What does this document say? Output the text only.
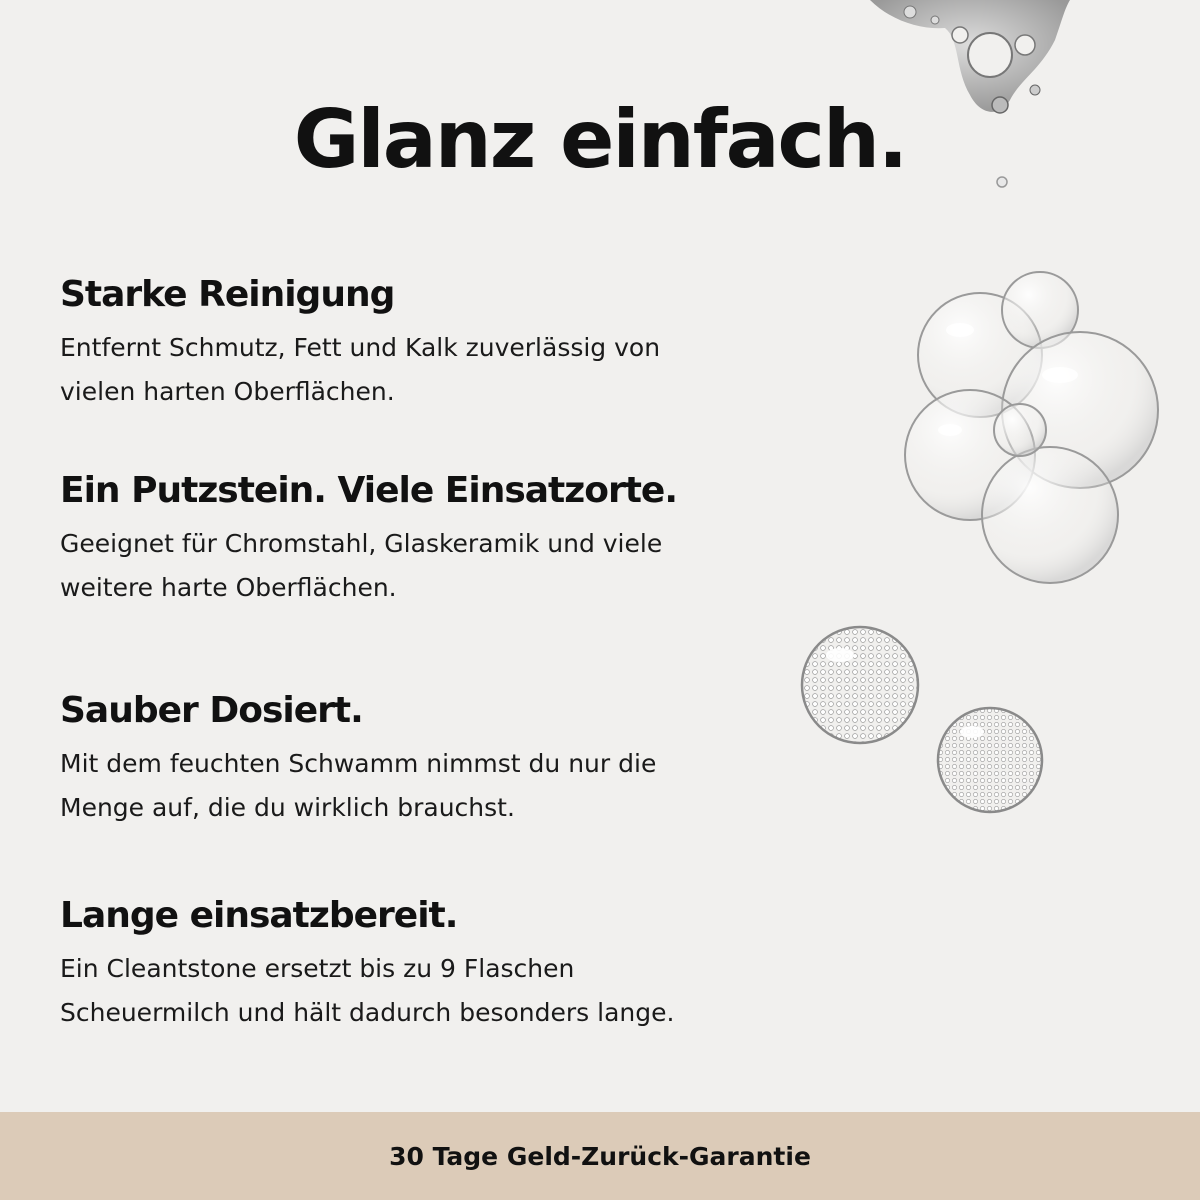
Glanz einfach.
Starke Reinigung

Entfernt Schmutz, Fett und Kalk zuverlässig von vielen harten Oberflächen.

Ein Putzstein. Viele Einsatzorte.

Geeignet für Chromstahl, Glaskeramik und viele weitere harte Oberflächen.

Sauber Dosiert.

Mit dem feuchten Schwamm nimmst du nur die Menge auf, die du wirklich brauchst.

Lange einsatzbereit.

Ein Cleantstone ersetzt bis zu 9 Flaschen Scheuermilch und hält dadurch besonders lange.

30 Tage Geld-Zurück-Garantie
